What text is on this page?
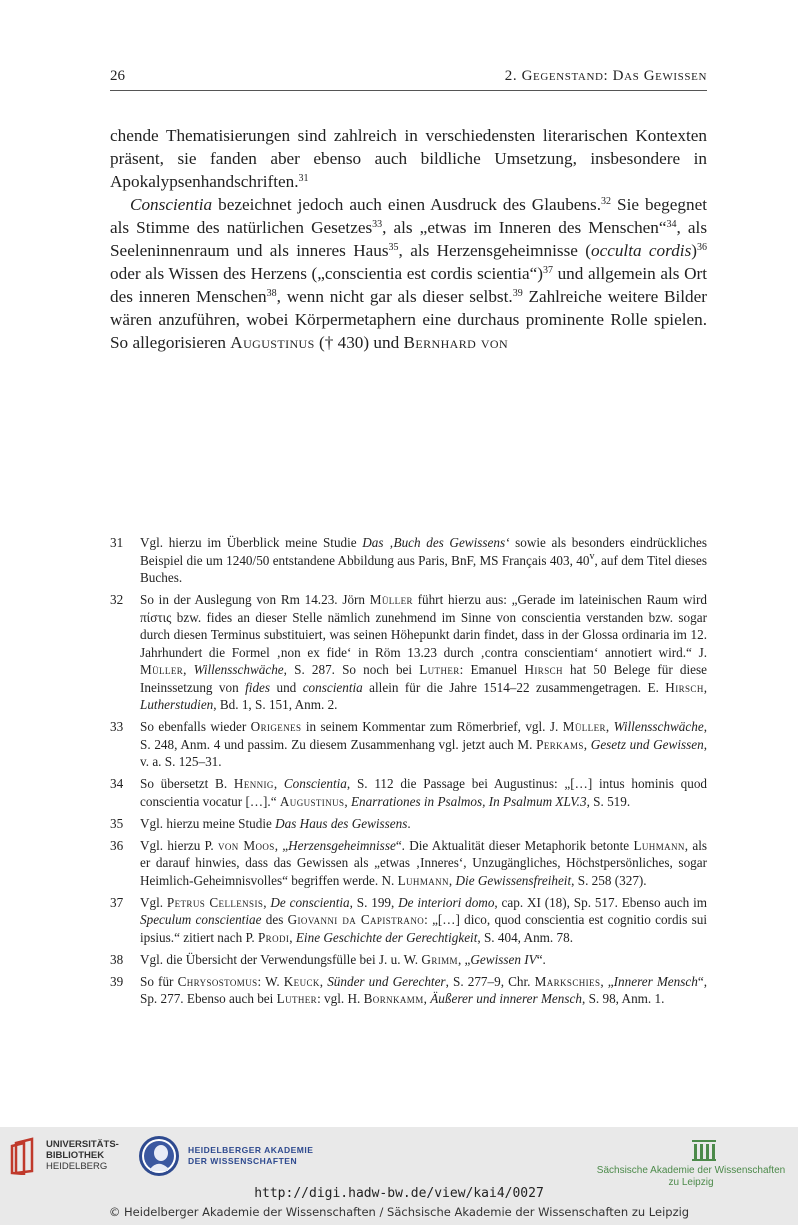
26	2. Gegenstand: Das Gewissen

chende Thematisierungen sind zahlreich in verschiedensten literarischen Kontexten präsent, sie fanden aber ebenso auch bildliche Umsetzung, insbesondere in Apokalypsenhandschriften.$^{31}$

Conscientia bezeichnet jedoch auch einen Ausdruck des Glaubens.$^{32}$ Sie begegnet als Stimme des natürlichen Gesetzes$^{33}$, als „etwas im Inneren des Menschen“$^{34}$, als Seeleninnenraum und als inneres Haus$^{35}$, als Herzensgeheimnisse (occulta cordis)$^{36}$ oder als Wissen des Herzens („conscientia est cordis scientia“)$^{37}$ und allgemein als Ort des inneren Menschen$^{38}$, wenn nicht gar als dieser selbst.$^{39}$ Zahlreiche weitere Bilder wären anzuführen, wobei Körpermetaphern eine durchaus prominente Rolle spielen. So allegorisieren Augustinus († 430) und Bernhard von

31 Vgl. hierzu im Überblick meine Studie Das ‚Buch des Gewissens‘ sowie als besonders eindrückliches Beispiel die um 1240/50 entstandene Abbildung aus Paris, BnF, MS Français 403, 40$^v$, auf dem Titel dieses Buches.
32 So in der Auslegung von Rm 14.23. Jörn Müller führt hierzu aus: „Gerade im lateinischen Raum wird πίστις bzw. fides an dieser Stelle nämlich zunehmend im Sinne von conscientia verstanden bzw. sogar durch diesen Terminus substituiert, was seinen Höhepunkt darin findet, dass in der Glossa ordinaria im 12. Jahrhundert die Formel ‚non ex fide‘ in Röm 13.23 durch ‚contra conscientiam‘ annotiert wird.“ J. Müller, Willensschwäche, S. 287. So noch bei Luther: Emanuel Hirsch hat 50 Belege für diese Ineinssetzung von fides und conscientia allein für die Jahre 1514–22 zusammengetragen. E. Hirsch, Lutherstudien, Bd. 1, S. 151, Anm. 2.
33 So ebenfalls wieder Origenes in seinem Kommentar zum Römerbrief, vgl. J. Müller, Willensschwäche, S. 248, Anm. 4 und passim. Zu diesem Zusammenhang vgl. jetzt auch M. Perkams, Gesetz und Gewissen, v. a. S. 125–31.
34 So übersetzt B. Hennig, Conscientia, S. 112 die Passage bei Augustinus: „[…] intus hominis quod conscientia vocatur […].“ Augustinus, Enarrationes in Psalmos, In Psalmum XLV.3, S. 519.
35 Vgl. hierzu meine Studie Das Haus des Gewissens.
36 Vgl. hierzu P. von Moos, „Herzensgeheimnisse“. Die Aktualität dieser Metaphorik betonte Luhmann, als er darauf hinwies, dass das Gewissen als „etwas ‚Inneres‘, Unzugängliches, Höchstpersönliches, sogar Heimlich-Geheimnisvolles“ begriffen werde. N. Luhmann, Die Gewissensfreiheit, S. 258 (327).
37 Vgl. Petrus Cellensis, De conscientia, S. 199, De interiori domo, cap. XI (18), Sp. 517. Ebenso auch im Speculum conscientiae des Giovanni da Capistrano: „[…] dico, quod conscientia est cognitio cordis sui ipsius.“ zitiert nach P. Prodi, Eine Geschichte der Gerechtigkeit, S. 404, Anm. 78.
38 Vgl. die Übersicht der Verwendungsfülle bei J. u. W. Grimm, „Gewissen IV“.
39 So für Chrysostomus: W. Keuck, Sünder und Gerechter, S. 277–9, Chr. Markschies, „Innerer Mensch“, Sp. 277. Ebenso auch bei Luther: vgl. H. Bornkamm, Äußerer und innerer Mensch, S. 98, Anm. 1.
UNIVERSITÄTS-
BIBLIOTHEK
HEIDELBERG
HEIDELBERGER AKADEMIE
DER WISSENSCHAFTEN
Sächsische Akademie der Wissenschaften
zu Leipzig
http://digi.hadw-bw.de/view/kai4/0027
© Heidelberger Akademie der Wissenschaften / Sächsische Akademie der Wissenschaften zu Leipzig
